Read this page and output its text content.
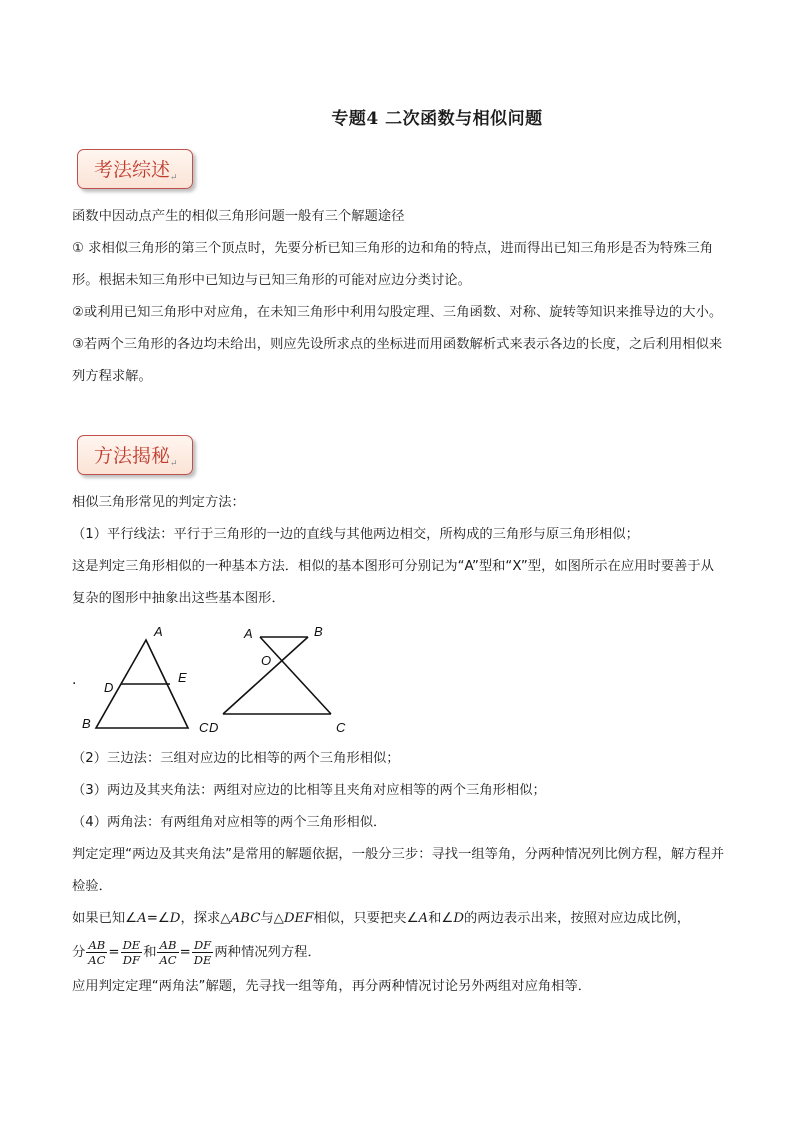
专题4 二次函数与相似问题
考法综述$_↵$

函数中因动点产生的相似三角形问题一般有三个解题途径

① 求相似三角形的第三个顶点时，先要分析已知三角形的边和角的特点，进而得出已知三角形是否为特殊三角形。根据未知三角形中已知边与已知三角形的可能对应边分类讨论。

②或利用已知三角形中对应角，在未知三角形中利用勾股定理、三角函数、对称、旋转等知识来推导边的大小。

③若两个三角形的各边均未给出，则应先设所求点的坐标进而用函数解析式来表示各边的长度，之后利用相似来列方程求解。

方法揭秘$_↵$

相似三角形常见的判定方法：

（1）平行线法：平行于三角形的一边的直线与其他两边相交，所构成的三角形与原三角形相似；

这是判定三角形相似的一种基本方法．相似的基本图形可分别记为“A”型和“X”型，如图所示在应用时要善于从复杂的图形中抽象出这些基本图形．

.
A
D
E
B
A	B
O
C D	C

（2）三边法：三组对应边的比相等的两个三角形相似；

（3）两边及其夹角法：两组对应边的比相等且夹角对应相等的两个三角形相似；

（4）两角法：有两组角对应相等的两个三角形相似．

判定定理“两边及其夹角法”是常用的解题依据，一般分三步：寻找一组等角，分两种情况列比例方程，解方程并检验．

如果已知∠A=∠D，探求△ABC与△DEF相似，只要把夹∠A和∠D的两边表示出来，按照对应边成比例，

分 $\frac{AB}{AC} = \frac{DE}{DF}$ 和 $\frac{AB}{AC} = \frac{DF}{DE}$ 两种情况列方程．

应用判定定理“两角法”解题，先寻找一组等角，再分两种情况讨论另外两组对应角相等．
